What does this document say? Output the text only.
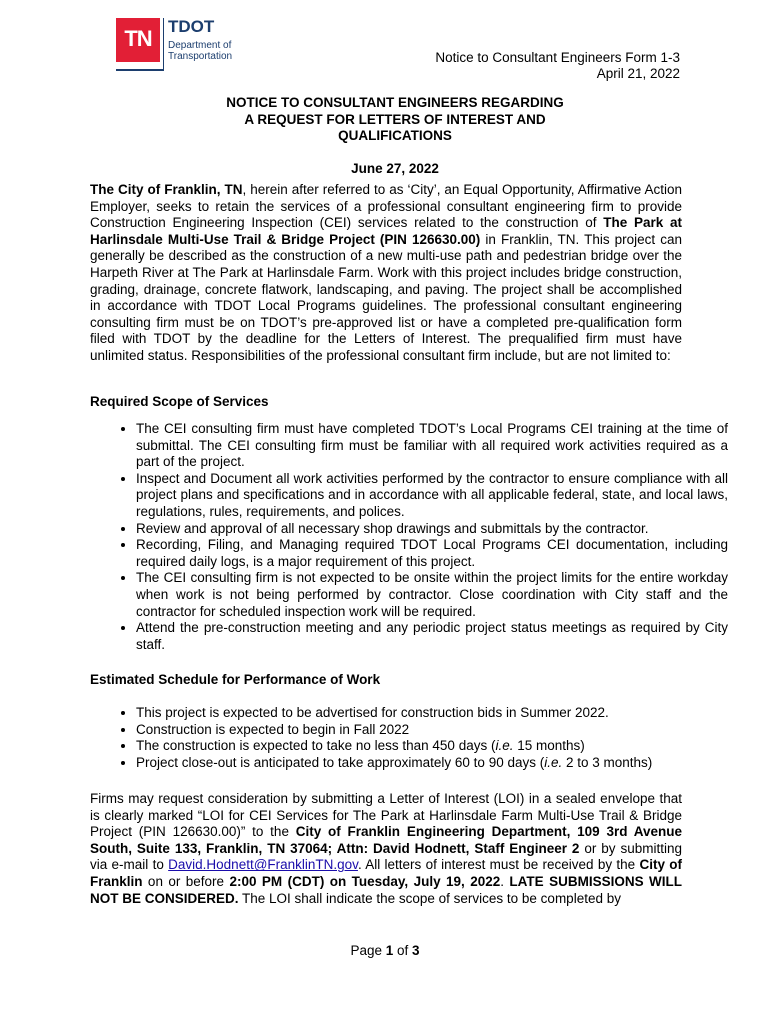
TN TDOT
Department of
Transportation	Notice to Consultant Engineers Form 1-3
April 21, 2022
NOTICE TO CONSULTANT ENGINEERS REGARDING
A REQUEST FOR LETTERS OF INTEREST AND
QUALIFICATIONS
June 27, 2022

The City of Franklin, TN, herein after referred to as ‘City’, an Equal Opportunity, Affirmative Action Employer, seeks to retain the services of a professional consultant engineering firm to provide Construction Engineering Inspection (CEI) services related to the construction of The Park at Harlinsdale Multi-Use Trail & Bridge Project (PIN 126630.00) in Franklin, TN. This project can generally be described as the construction of a new multi-use path and pedestrian bridge over the Harpeth River at The Park at Harlinsdale Farm. Work with this project includes bridge construction, grading, drainage, concrete flatwork, landscaping, and paving. The project shall be accomplished in accordance with TDOT Local Programs guidelines. The professional consultant engineering consulting firm must be on TDOT’s pre-approved list or have a completed pre-qualification form filed with TDOT by the deadline for the Letters of Interest. The prequalified firm must have unlimited status. Responsibilities of the professional consultant firm include, but are not limited to:

Required Scope of Services
• The CEI consulting firm must have completed TDOT’s Local Programs CEI training at the time of submittal. The CEI consulting firm must be familiar with all required work activities required as a part of the project.
• Inspect and Document all work activities performed by the contractor to ensure compliance with all project plans and specifications and in accordance with all applicable federal, state, and local laws, regulations, rules, requirements, and polices.
• Review and approval of all necessary shop drawings and submittals by the contractor.
• Recording, Filing, and Managing required TDOT Local Programs CEI documentation, including required daily logs, is a major requirement of this project.
• The CEI consulting firm is not expected to be onsite within the project limits for the entire workday when work is not being performed by contractor. Close coordination with City staff and the contractor for scheduled inspection work will be required.
• Attend the pre-construction meeting and any periodic project status meetings as required by City staff.
Estimated Schedule for Performance of Work
• This project is expected to be advertised for construction bids in Summer 2022.
• Construction is expected to begin in Fall 2022
• The construction is expected to take no less than 450 days (i.e. 15 months)
• Project close-out is anticipated to take approximately 60 to 90 days (i.e. 2 to 3 months)

Firms may request consideration by submitting a Letter of Interest (LOI) in a sealed envelope that is clearly marked “LOI for CEI Services for The Park at Harlinsdale Farm Multi-Use Trail & Bridge Project (PIN 126630.00)” to the City of Franklin Engineering Department, 109 3rd Avenue South, Suite 133, Franklin, TN 37064; Attn: David Hodnett, Staff Engineer 2 or by submitting via e-mail to David.Hodnett@FranklinTN.gov. All letters of interest must be received by the City of Franklin on or before 2:00 PM (CDT) on Tuesday, July 19, 2022. LATE SUBMISSIONS WILL NOT BE CONSIDERED. The LOI shall indicate the scope of services to be completed by

Page 1 of 3
